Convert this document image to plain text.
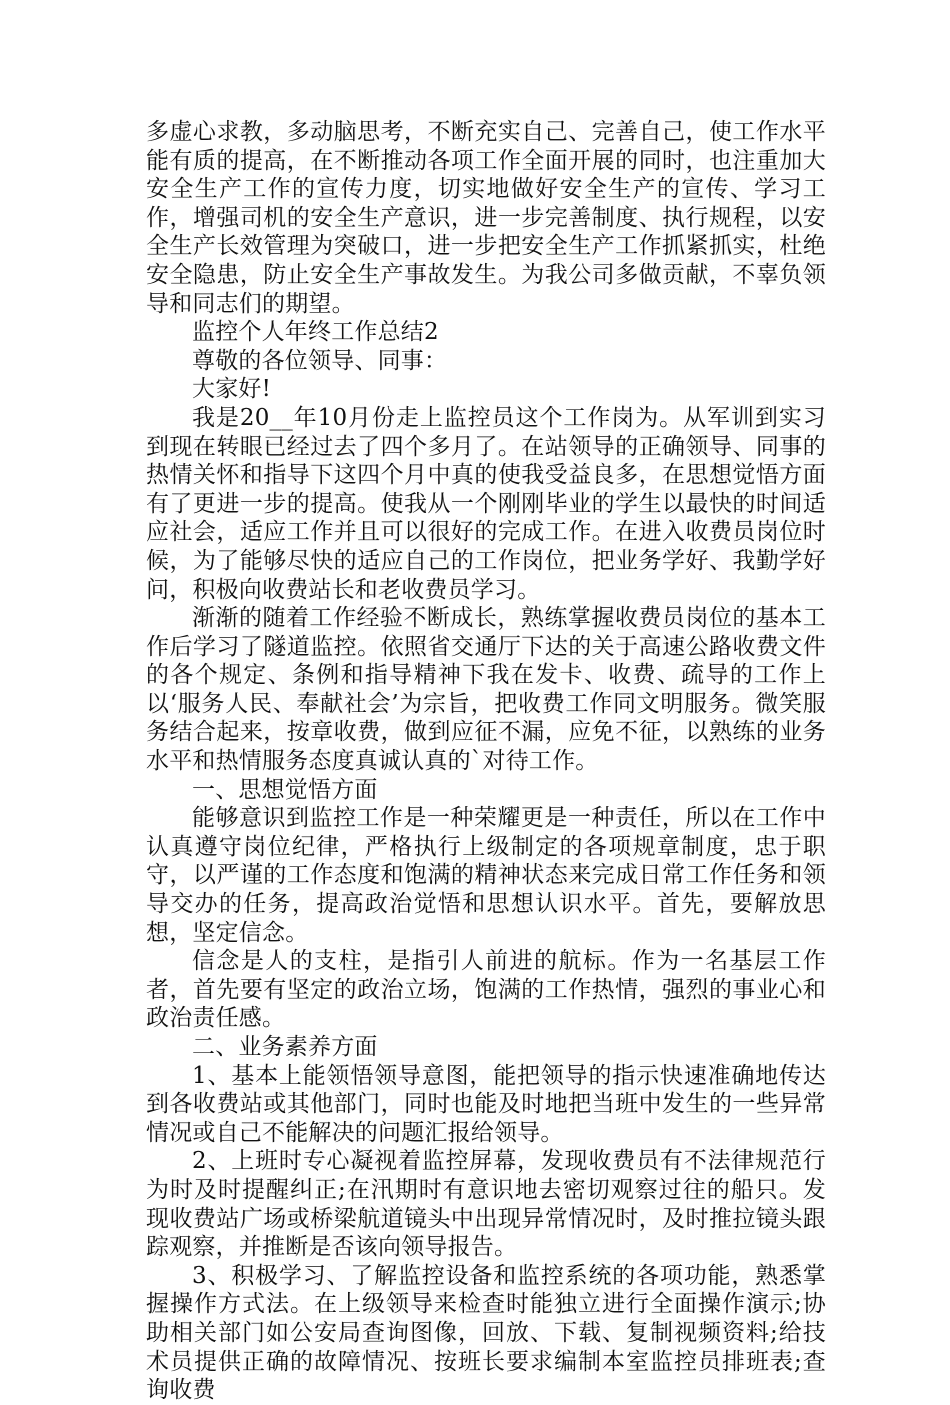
多虚心求教，多动脑思考，不断充实自己、完善自己，使工作水平能有质的提高，在不断推动各项工作全面开展的同时，也注重加大安全生产工作的宣传力度，切实地做好安全生产的宣传、学习工作，增强司机的安全生产意识，进一步完善制度、执行规程，以安全生产长效管理为突破口，进一步把安全生产工作抓紧抓实，杜绝安全隐患，防止安全生产事故发生。为我公司多做贡献，不辜负领导和同志们的期望。

监控个人年终工作总结2

尊敬的各位领导、同事：

大家好!

我是20__年10月份走上监控员这个工作岗为。从军训到实习到现在转眼已经过去了四个多月了。在站领导的正确领导、同事的热情关怀和指导下这四个月中真的使我受益良多，在思想觉悟方面有了更进一步的提高。使我从一个刚刚毕业的学生以最快的时间适应社会，适应工作并且可以很好的完成工作。在进入收费员岗位时候，为了能够尽快的适应自己的工作岗位，把业务学好、我勤学好问，积极向收费站长和老收费员学习。

渐渐的随着工作经验不断成长，熟练掌握收费员岗位的基本工作后学习了隧道监控。依照省交通厅下达的关于高速公路收费文件的各个规定、条例和指导精神下我在发卡、收费、疏导的工作上以‘服务人民、奉献社会’为宗旨，把收费工作同文明服务。微笑服务结合起来，按章收费，做到应征不漏，应免不征，以熟练的业务水平和热情服务态度真诚认真的`对待工作。

一、思想觉悟方面

能够意识到监控工作是一种荣耀更是一种责任，所以在工作中认真遵守岗位纪律，严格执行上级制定的各项规章制度，忠于职守，以严谨的工作态度和饱满的精神状态来完成日常工作任务和领导交办的任务，提高政治觉悟和思想认识水平。首先，要解放思想，坚定信念。

信念是人的支柱，是指引人前进的航标。作为一名基层工作者，首先要有坚定的政治立场，饱满的工作热情，强烈的事业心和政治责任感。

二、业务素养方面

1、基本上能领悟领导意图，能把领导的指示快速准确地传达到各收费站或其他部门，同时也能及时地把当班中发生的一些异常情况或自己不能解决的问题汇报给领导。

2、上班时专心凝视着监控屏幕，发现收费员有不法律规范行为时及时提醒纠正;在汛期时有意识地去密切观察过往的船只。发现收费站广场或桥梁航道镜头中出现异常情况时，及时推拉镜头跟踪观察，并推断是否该向领导报告。

3、积极学习、了解监控设备和监控系统的各项功能，熟悉掌握操作方式法。在上级领导来检查时能独立进行全面操作演示;协助相关部门如公安局查询图像，回放、下载、复制视频资料;给技术员提供正确的故障情况、按班长要求编制本室监控员排班表;查询收费
